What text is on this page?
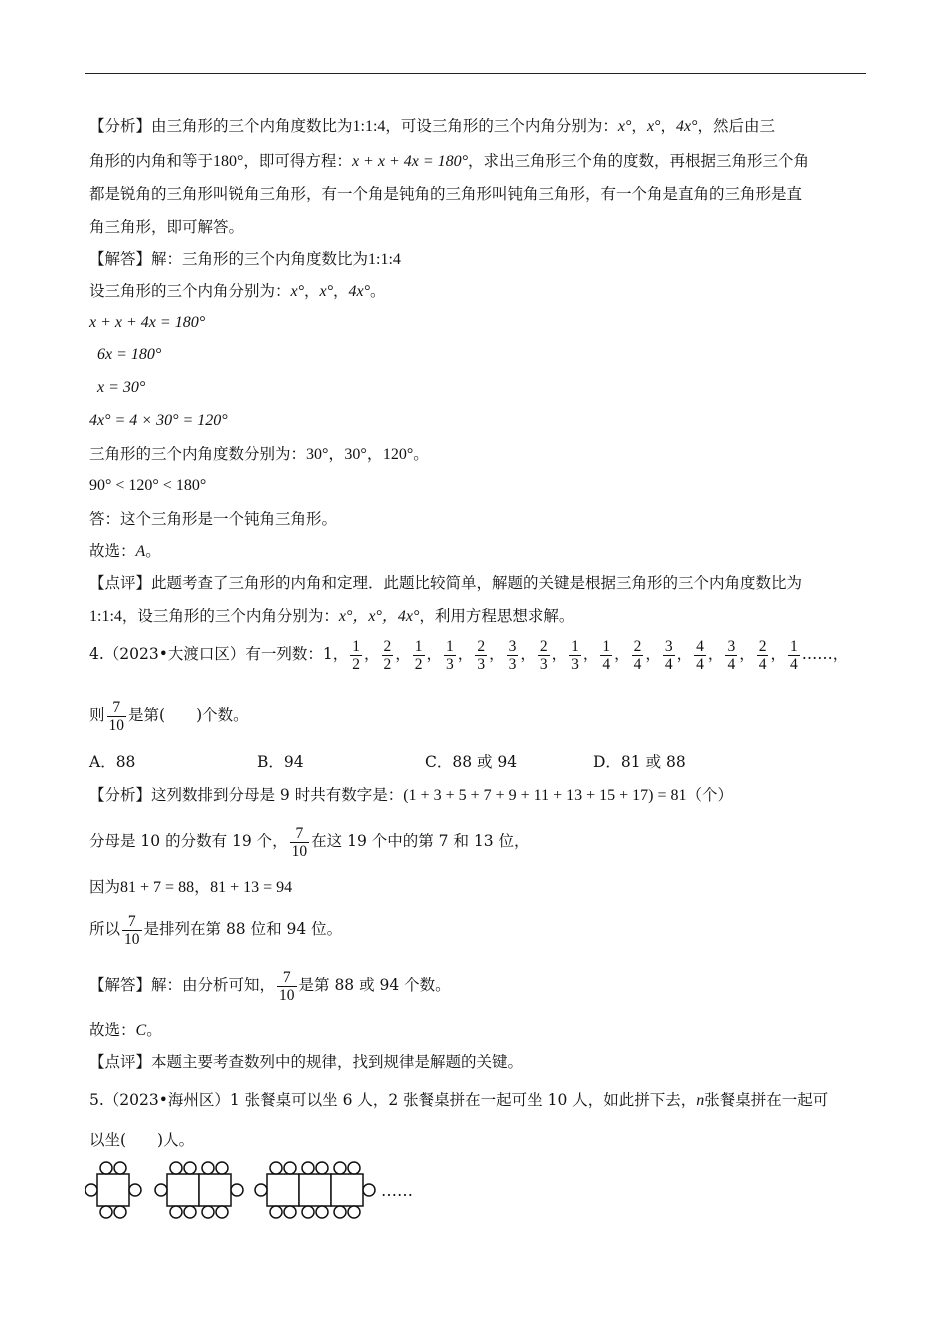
【分析】由三角形的三个内角度数比为1:1:4，可设三角形的三个内角分别为：x°，x°，4x°，然后由三
角形的内角和等于180°，即可得方程：x + x + 4x = 180°，求出三角形三个角的度数，再根据三角形三个角
都是锐角的三角形叫锐角三角形，有一个角是钝角的三角形叫钝角三角形，有一个角是直角的三角形是直
角三角形，即可解答。
【解答】解：三角形的三个内角度数比为1:1:4
设三角形的三个内角分别为：x°，x°，4x°。
x + x + 4x = 180°
6x = 180°
x = 30°
4x° = 4 × 30° = 120°
三角形的三个内角度数分别为：30°，30°，120°。
90° < 120° < 180°
答：这个三角形是一个钝角三角形。
故选：A。
【点评】此题考查了三角形的内角和定理．此题比较简单，解题的关键是根据三角形的三个内角度数比为
1:1:4，设三角形的三个内角分别为：x°，x°，4x°，利用方程思想求解。
4.（2023•大渡口区）有一列数：1， $\frac{1}{2}$ ， $\frac{2}{2}$ ， $\frac{1}{2}$ ， $\frac{1}{3}$ ， $\frac{2}{3}$ ， $\frac{3}{3}$ ， $\frac{2}{3}$ ， $\frac{1}{3}$ ， $\frac{1}{4}$ ， $\frac{2}{4}$ ， $\frac{3}{4}$ ， $\frac{4}{4}$ ， $\frac{3}{4}$ ， $\frac{2}{4}$ ， $\frac{1}{4}$ ……，
则 $\frac{7}{10}$ 是第(　　)个数。
A．88	B．94	C．88 或 94	D．81 或 88
【分析】这列数排到分母是 9 时共有数字是：(1 + 3 + 5 + 7 + 9 + 11 + 13 + 15 + 17) = 81（个）
分母是 10 的分数有 19 个， $\frac{7}{10}$ 在这 19 个中的第 7 和 13 位，
因为81 + 7 = 88，81 + 13 = 94
所以 $\frac{7}{10}$ 是排列在第 88 位和 94 位。
【解答】解：由分析可知， $\frac{7}{10}$ 是第 88 或 94 个数。
故选：C。
【点评】本题主要考查数列中的规律，找到规律是解题的关键。
5.（2023•海州区）1 张餐桌可以坐 6 人，2 张餐桌拼在一起可坐 10 人，如此拼下去，n张餐桌拼在一起可
以坐(　　)人。
……
